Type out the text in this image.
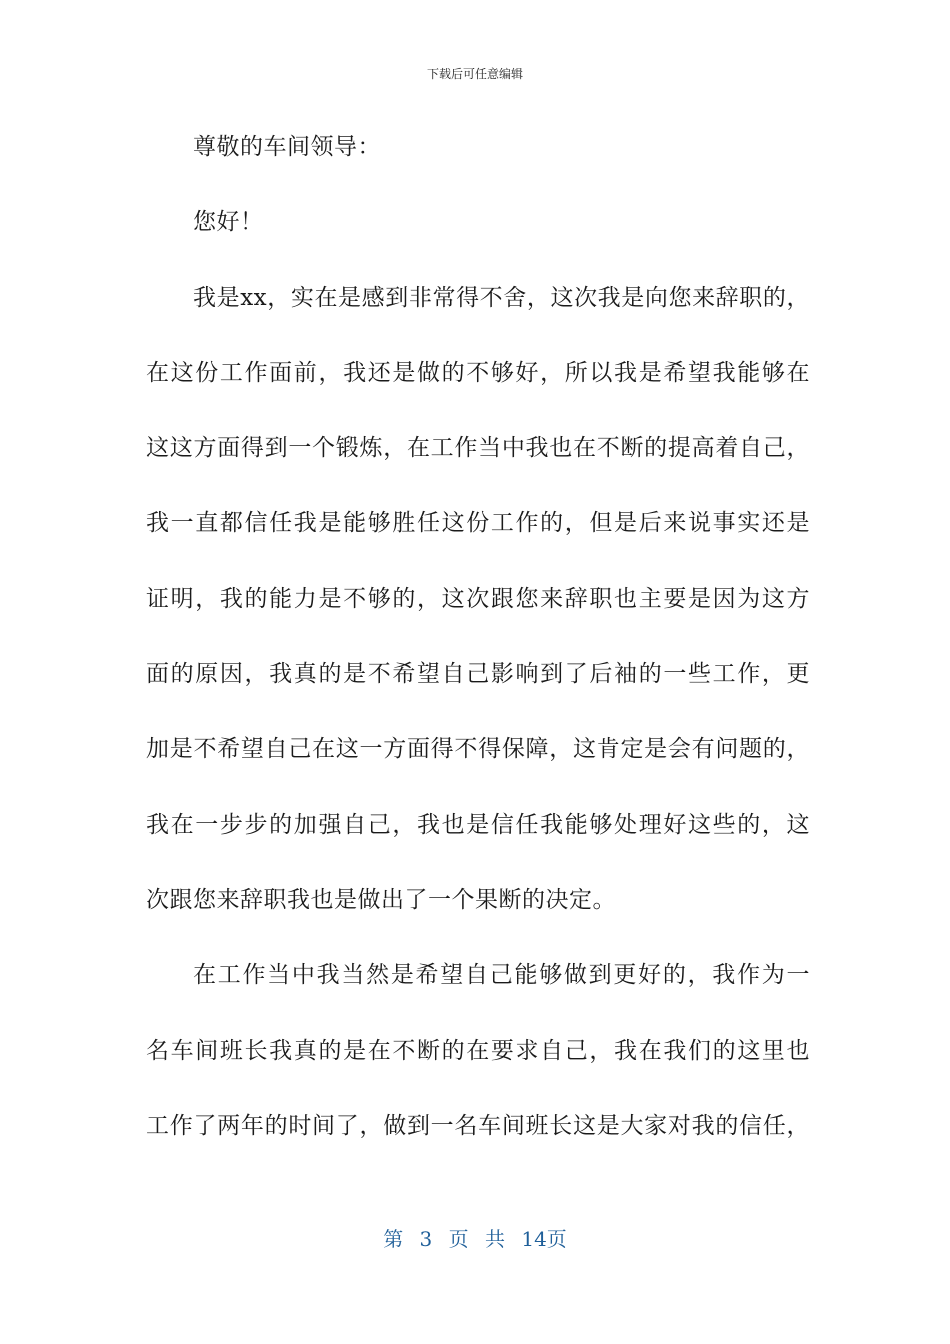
下载后可任意编辑
尊敬的车间领导：
您好！
我是xx，实在是感到非常得不舍，这次我是向您来辞职的，
在这份工作面前，我还是做的不够好，所以我是希望我能够在
这这方面得到一个锻炼，在工作当中我也在不断的提高着自己，
我一直都信任我是能够胜任这份工作的，但是后来说事实还是
证明，我的能力是不够的，这次跟您来辞职也主要是因为这方
面的原因，我真的是不希望自己影响到了后袖的一些工作，更
加是不希望自己在这一方面得不得保障，这肯定是会有问题的，
我在一步步的加强自己，我也是信任我能够处理好这些的，这
次跟您来辞职我也是做出了一个果断的决定。
在工作当中我当然是希望自己能够做到更好的，我作为一
名车间班长我真的是在不断的在要求自己，我在我们的这里也
工作了两年的时间了，做到一名车间班长这是大家对我的信任，
第 3 页 共 14页
